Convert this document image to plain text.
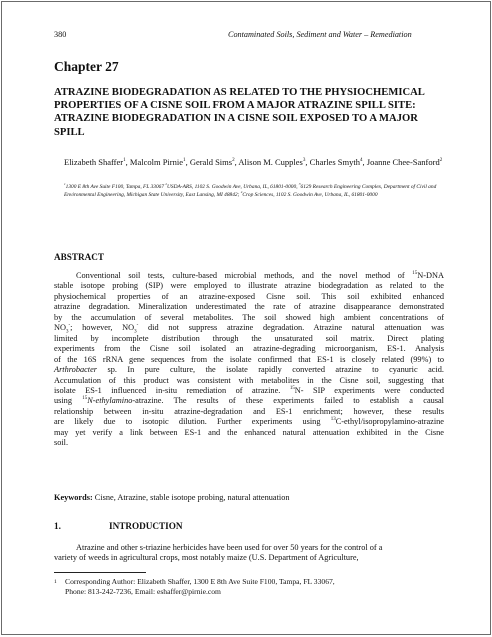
380	Contaminated Soils, Sediment and Water – Remediation
Chapter 27

ATRAZINE BIODEGRADATION AS RELATED TO THE PHYSIOCHEMICAL PROPERTIES OF A CISNE SOIL FROM A MAJOR ATRAZINE SPILL SITE: ATRAZINE BIODEGRADATION IN A CISNE SOIL EXPOSED TO A MAJOR SPILL

Elizabeth Shaffer$^1$, Malcolm Pirnie$^1$, Gerald Sims$^2$, Alison M. Cupples$^3$, Charles Smyth$^4$, Joanne Chee-Sanford$^2$

$^1$1300 E 8th Ave Suite F100, Tampa, FL 33067 $^2$USDA-ARS, 1102 S. Goodwin Ave, Urbana, IL, 61801-0000, $^3$6129 Research Engineering Complex, Department of Civil and Environmental Engineering, Michigan State University, East Lansing, MI 48842; $^4$Crop Sciences, 1102 S. Goodwin Ave, Urbana, IL, 61801-0000

ABSTRACT

Conventional soil tests, culture-based microbial methods, and the novel method of $^{15}$N-DNA
stable isotope probing (SIP) were employed to illustrate atrazine biodegradation as related to the
physiochemical properties of an atrazine-exposed Cisne soil. This soil exhibited enhanced
atrazine degradation. Mineralization underestimated the rate of atrazine disappearance demonstrated
by the accumulation of several metabolites. The soil showed high ambient concentrations of
$NO_3^-$; however, $NO_3^-$ did not suppress atrazine degradation. Atrazine natural attenuation was
limited by incomplete distribution through the unsaturated soil matrix. Direct plating
experiments from the Cisne soil isolated an atrazine-degrading microorganism, ES-1. Analysis
of the 16S rRNA gene sequences from the isolate confirmed that ES-1 is closely related (99%) to
Arthrobacter sp. In pure culture, the isolate rapidly converted atrazine to cyanuric acid.
Accumulation of this product was consistent with metabolites in the Cisne soil, suggesting that
isolate ES-1 influenced in-situ remediation of atrazine. $^{15}$N- SIP experiments were conducted
using $^{15}$N-ethylamino-atrazine. The results of these experiments failed to establish a causal
relationship between in-situ atrazine-degradation and ES-1 enrichment; however, these results
are likely due to isotopic dilution. Further experiments using $^{13}$C-ethyl/isopropylamino-atrazine
may yet verify a link between ES-1 and the enhanced natural attenuation exhibited in the Cisne
soil.

Keywords: Cisne, Atrazine, stable isotope probing, natural attenuation
1.	INTRODUCTION

Atrazine and other s-triazine herbicides have been used for over 50 years for the control of a
variety of weeds in agricultural crops, most notably maize (U.S. Department of Agriculture,

1 Corresponding Author: Elizabeth Shaffer, 1300 E 8th Ave Suite F100, Tampa, FL 33067,
Phone: 813-242-7236, Email: eshaffer@pirnie.com
